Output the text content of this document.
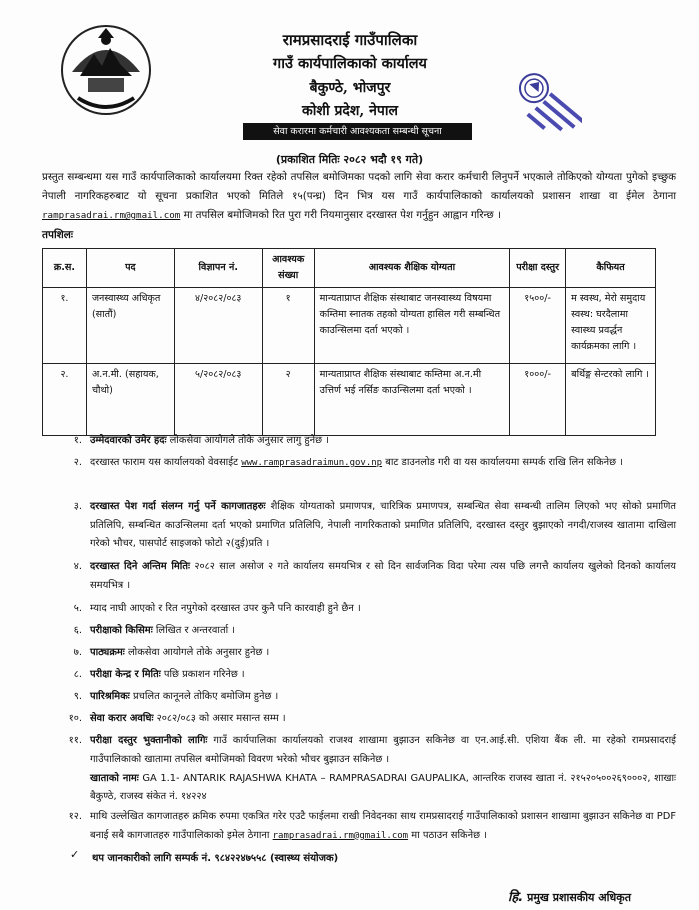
रामप्रसादराई गाउँपालिका
गाउँ कार्यपालिकाको कार्यालय
बैकुण्ठे, भोजपुर
कोशी प्रदेश, नेपाल
सेवा करारमा कर्मचारी आवश्यकता सम्बन्धी सूचना
(प्रकाशित मितिः २०८२ भदौ १९ गते)
प्रस्तुत सम्बन्धमा यस गाउँ कार्यपालिकाको कार्यालयमा रिक्त रहेको तपसिल बमोजिमका पदको लागि सेवा करार कर्मचारी लिनुपर्ने भएकाले तोकिएको योग्यता पुगेको इच्छुक नेपाली नागरिकहरुबाट यो सूचना प्रकाशित भएको मितिले १५(पन्ध्र) दिन भित्र यस गाउँ कार्यपालिकाको कार्यालयको प्रशासन शाखा वा ईमेल ठेगाना ramprasadrai.rm@gmail.com मा तपसिल बमोजिमको रित पुरा गरी नियमानुसार दरखास्त पेश गर्नुहुन आह्वान गरिन्छ ।
तपशिलः
क्र.स.	पद	विज्ञापन नं.	आवश्यक संख्या	आवश्यक शैक्षिक योग्यता	परीक्षा दस्तुर	कैफियत
१.	जनस्वास्थ्य अधिकृत (सातौं)	४/२०८२/०८३	१	मान्यताप्राप्त शैक्षिक संस्थाबाट जनस्वास्थ्य विषयमा कम्तिमा स्नातक तहको योग्यता हासिल गरी सम्बन्धित काउन्सिलमा दर्ता भएको ।	१५००/-	म स्वस्थ, मेरो समुदाय स्वस्थ: घरदैलामा स्वास्थ्य प्रवर्द्धन कार्यक्रमका लागि ।
२.	अ.न.मी. (सहायक, चौथो)	५/२०८२/०८३	२	मान्यताप्राप्त शैक्षिक संस्थाबाट कम्तिमा अ.न.मी उत्तिर्ण भई नर्सिङ काउन्सिलमा दर्ता भएको ।	१०००/-	बर्थिङ्ग सेन्टरको लागि ।
१. उम्मेदवारको उमेर हदः लोकसेवा आयोगले तोके अनुसार लागु हुनेछ ।
२. दरखास्त फाराम यस कार्यालयको वेवसाईट www.ramprasadraimun.gov.np बाट डाउनलोड गरी वा यस कार्यालयमा सम्पर्क राखि लिन सकिनेछ ।
३. दरखास्त पेश गर्दा संलग्न गर्नु पर्ने कागजातहरुः शैक्षिक योग्यताको प्रमाणपत्र, चारित्रिक प्रमाणपत्र, सम्बन्धित सेवा सम्बन्धी तालिम लिएको भए सोको प्रमाणित प्रतिलिपि, सम्बन्धित काउन्सिलमा दर्ता भएको प्रमाणित प्रतिलिपि, नेपाली नागरिकताको प्रमाणित प्रतिलिपि, दरखास्त दस्तुर बुझाएको नगदी/राजस्व खातामा दाखिला गरेको भौचर, पासपोर्ट साइजको फोटो २(दुई)प्रति ।
४. दरखास्त दिने अन्तिम मितिः २०८२ साल असोज २ गते कार्यालय समयभित्र र सो दिन सार्वजनिक विदा परेमा त्यस पछि लगत्तै कार्यालय खुलेको दिनको कार्यालय समयभित्र ।
५. म्याद नाघी आएको र रित नपुगेको दरखास्त उपर कुनै पनि कारवाही हुने छैन ।
६. परीक्षाको किसिमः लिखित र अन्तरवार्ता ।
७. पाठ्यक्रमः लोकसेवा आयोगले तोके अनुसार हुनेछ ।
८. परीक्षा केन्द्र र मितिः पछि प्रकाशन गरिनेछ ।
९. पारिश्रमिकः प्रचलित कानूनले तोकिए बमोजिम हुनेछ ।
१०. सेवा करार अवधिः २०८२/०८३ को असार मसान्त सम्म ।
११. परीक्षा दस्तुर भुक्तानीको लागिः गाउँ कार्यपालिका कार्यालयको राजश्व शाखामा बुझाउन सकिनेछ वा एन.आई.सी. एशिया बैंक ली. मा रहेको रामप्रसादराई गाउँपालिकाको खातामा तपसिल बमोजिमको विवरण भरेको भौचर बुझाउन सकिनेछ ।
खाताको नामः GA 1.1- ANTARIK RAJASHWA KHATA – RAMPRASADRAI GAUPALIKA, आन्तरिक राजस्व खाता नं. २१५२०५००२६९०००२, शाखाः बैकुण्ठे, राजस्व संकेत नं. १४२२४
१२. माथि उल्लेखित कागजातहरु क्रमिक रुपमा एकत्रित गरेर एउटै फाईलमा राखी निवेदनका साथ रामप्रसादराई गाउँपालिकाको प्रशासन शाखामा बुझाउन सकिनेछ वा PDF बनाई सबै कागजातहरु गाउँपालिकाको इमेल ठेगाना ramprasadrai.rm@gmail.com मा पठाउन सकिनेछ ।
✓ थप जानकारीको लागि सम्पर्क नं. ९८४२२४७५५८ (स्वास्थ्य संयोजक)
हि. प्रमुख प्रशासकीय अधिकृत
